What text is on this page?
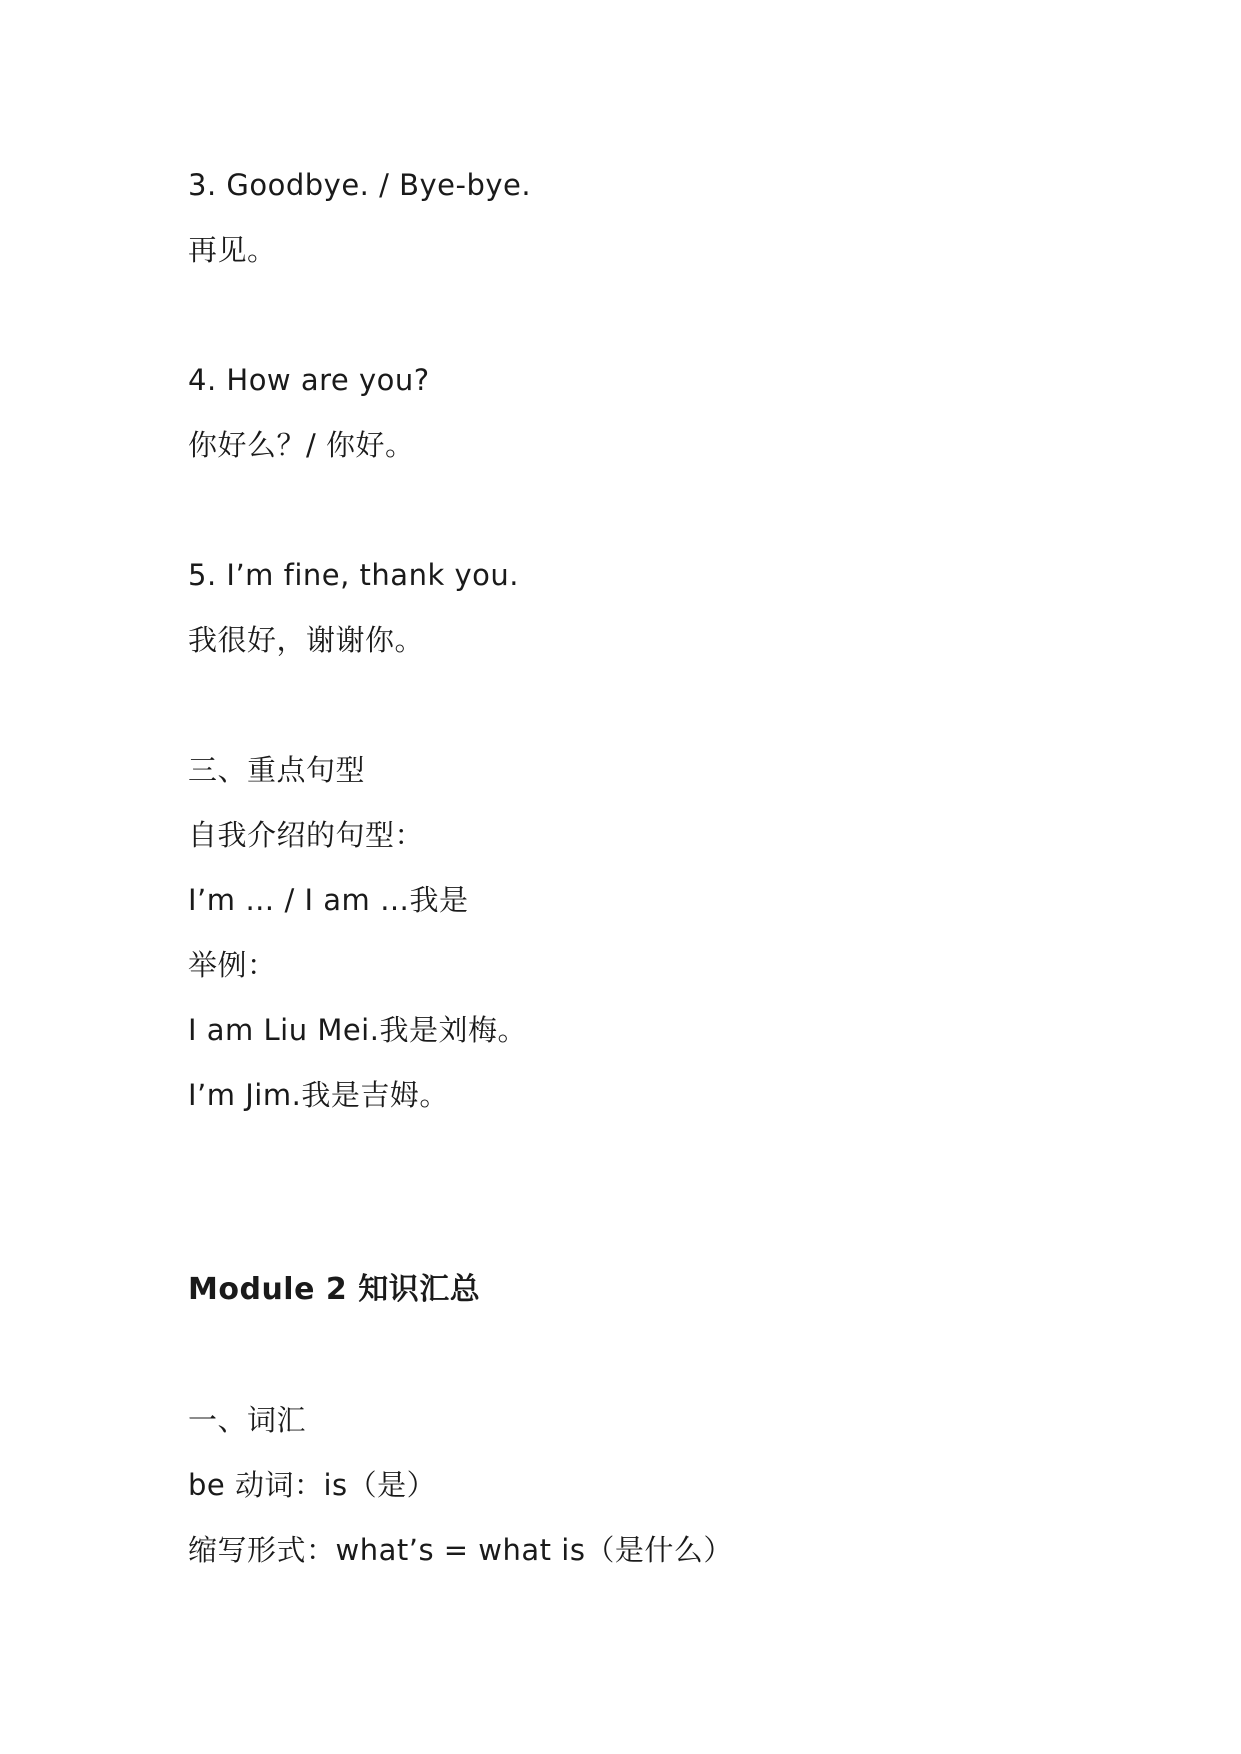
3. Goodbye. / Bye-bye.
再见。
4. How are you?
你好么？/ 你好。
5. I’m fine, thank you.
我很好，谢谢你。
三、重点句型
自我介绍的句型：
I’m … / I am …我是
举例：
I am Liu Mei.我是刘梅。
I’m Jim.我是吉姆。
Module 2 知识汇总
一、词汇
be 动词：is（是）
缩写形式：what’s = what is（是什么）
